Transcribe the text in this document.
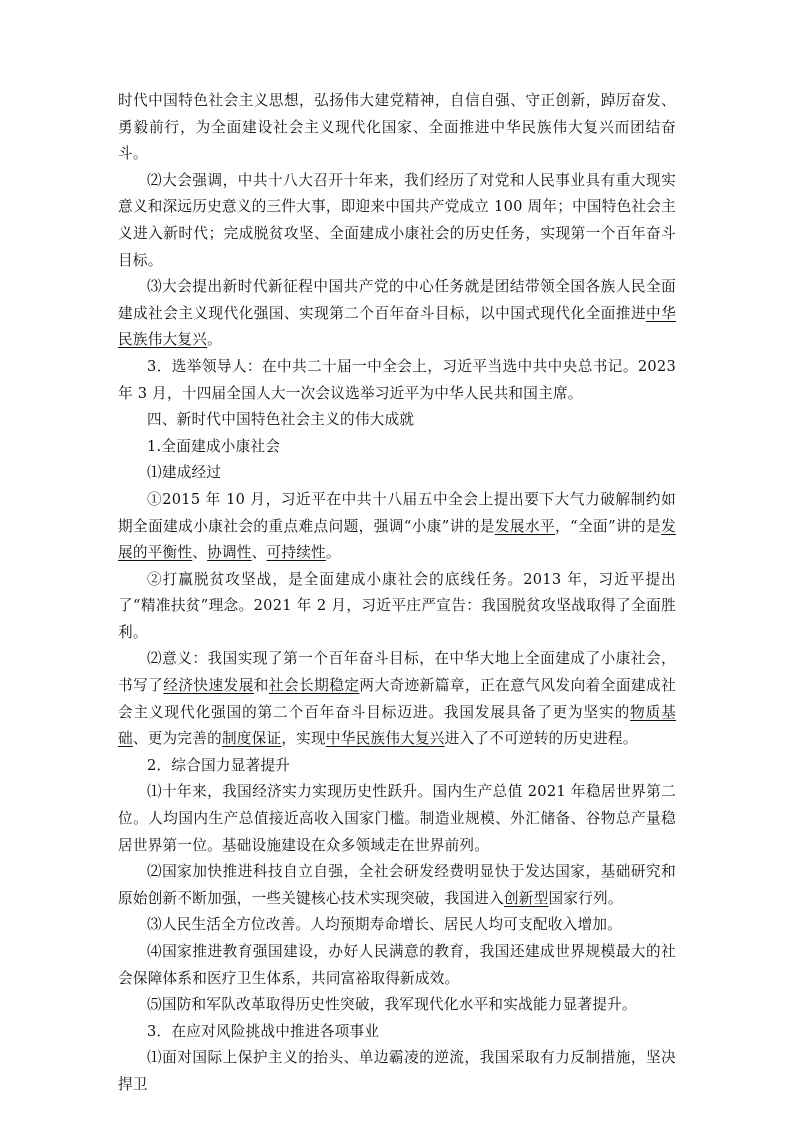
时代中国特色社会主义思想，弘扬伟大建党精神，自信自强、守正创新，踔厉奋发、勇毅前行，为全面建设社会主义现代化国家、全面推进中华民族伟大复兴而团结奋斗。

⑵大会强调，中共十八大召开十年来，我们经历了对党和人民事业具有重大现实意义和深远历史意义的三件大事，即迎来中国共产党成立 100 周年；中国特色社会主义进入新时代；完成脱贫攻坚、全面建成小康社会的历史任务，实现第一个百年奋斗目标。

⑶大会提出新时代新征程中国共产党的中心任务就是团结带领全国各族人民全面建成社会主义现代化强国、实现第二个百年奋斗目标，以中国式现代化全面推进中华民族伟大复兴。

3．选举领导人：在中共二十届一中全会上，习近平当选中共中央总书记。2023 年 3 月，十四届全国人大一次会议选举习近平为中华人民共和国主席。

四、新时代中国特色社会主义的伟大成就

1.全面建成小康社会

⑴建成经过

①2015 年 10 月，习近平在中共十八届五中全会上提出要下大气力破解制约如期全面建成小康社会的重点难点问题，强调“小康”讲的是发展水平，“全面”讲的是发展的平衡性、协调性、可持续性。

②打赢脱贫攻坚战，是全面建成小康社会的底线任务。2013 年，习近平提出了“精准扶贫”理念。2021 年 2 月，习近平庄严宣告：我国脱贫攻坚战取得了全面胜利。

⑵意义：我国实现了第一个百年奋斗目标，在中华大地上全面建成了小康社会，书写了经济快速发展和社会长期稳定两大奇迹新篇章，正在意气风发向着全面建成社会主义现代化强国的第二个百年奋斗目标迈进。我国发展具备了更为坚实的物质基础、更为完善的制度保证，实现中华民族伟大复兴进入了不可逆转的历史进程。

2．综合国力显著提升

⑴十年来，我国经济实力实现历史性跃升。国内生产总值 2021 年稳居世界第二位。人均国内生产总值接近高收入国家门槛。制造业规模、外汇储备、谷物总产量稳居世界第一位。基础设施建设在众多领域走在世界前列。

⑵国家加快推进科技自立自强，全社会研发经费明显快于发达国家，基础研究和原始创新不断加强，一些关键核心技术实现突破，我国进入创新型国家行列。

⑶人民生活全方位改善。人均预期寿命增长、居民人均可支配收入增加。

⑷国家推进教育强国建设，办好人民满意的教育，我国还建成世界规模最大的社会保障体系和医疗卫生体系，共同富裕取得新成效。

⑸国防和军队改革取得历史性突破，我军现代化水平和实战能力显著提升。

3．在应对风险挑战中推进各项事业

⑴面对国际上保护主义的抬头、单边霸凌的逆流，我国采取有力反制措施，坚决捍卫
